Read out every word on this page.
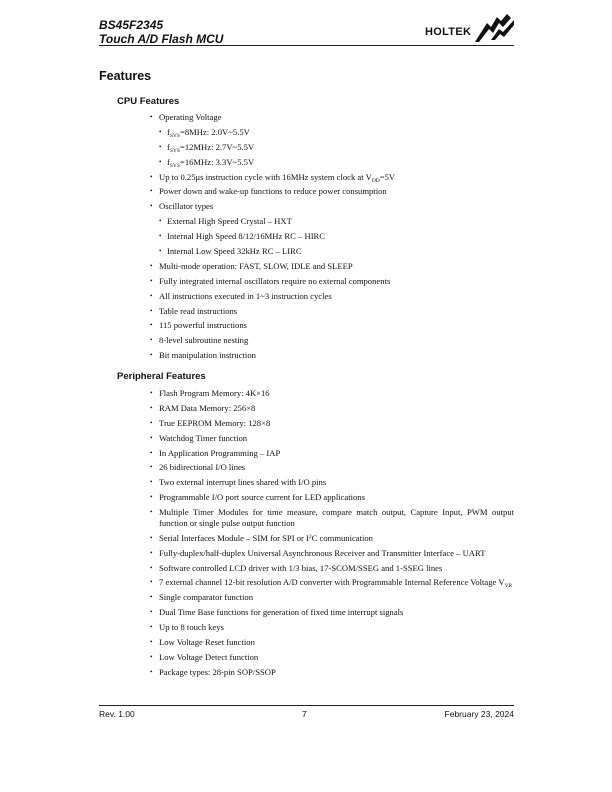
BS45F2345
Touch A/D Flash MCU	HOLTEK
Features
CPU Features
• Operating Voltage
• $f_{SYS}=8MHz$: 2.0V~5.5V
• $f_{SYS}=12MHz$: 2.7V~5.5V
• $f_{SYS}=16MHz$: 3.3V~5.5V
• Up to 0.25μs instruction cycle with 16MHz system clock at $V_{DD}=5V$
• Power down and wake-up functions to reduce power consumption
• Oscillator types
• External High Speed Crystal – HXT
• Internal High Speed 8/12/16MHz RC – HIRC
• Internal Low Speed 32kHz RC – LIRC
• Multi-mode operation: FAST, SLOW, IDLE and SLEEP
• Fully integrated internal oscillators require no external components
• All instructions executed in 1~3 instruction cycles
• Table read instructions
• 115 powerful instructions
• 8-level subroutine nesting
• Bit manipulation instruction
Peripheral Features
• Flash Program Memory: 4K×16
• RAM Data Memory: 256×8
• True EEPROM Memory: 128×8
• Watchdog Timer function
• In Application Programming – IAP
• 26 bidirectional I/O lines
• Two external interrupt lines shared with I/O pins
• Programmable I/O port source current for LED applications
• Multiple Timer Modules for time measure, compare match output, Capture Input, PWM output function or single pulse output function
• Serial Interfaces Module – SIM for SPI or $I^2C$ communication
• Fully-duplex/half-duplex Universal Asynchronous Receiver and Transmitter Interface – UART
• Software controlled LCD driver with 1/3 bias, 17-SCOM/SSEG and 1-SSEG lines
• 7 external channel 12-bit resolution A/D converter with Programmable Internal Reference Voltage $V_{VR}$
• Single comparator function
• Dual Time Base functions for generation of fixed time interrupt signals
• Up to 8 touch keys
• Low Voltage Reset function
• Low Voltage Detect function
• Package types: 28-pin SOP/SSOP
Rev. 1.00	7	February 23, 2024
